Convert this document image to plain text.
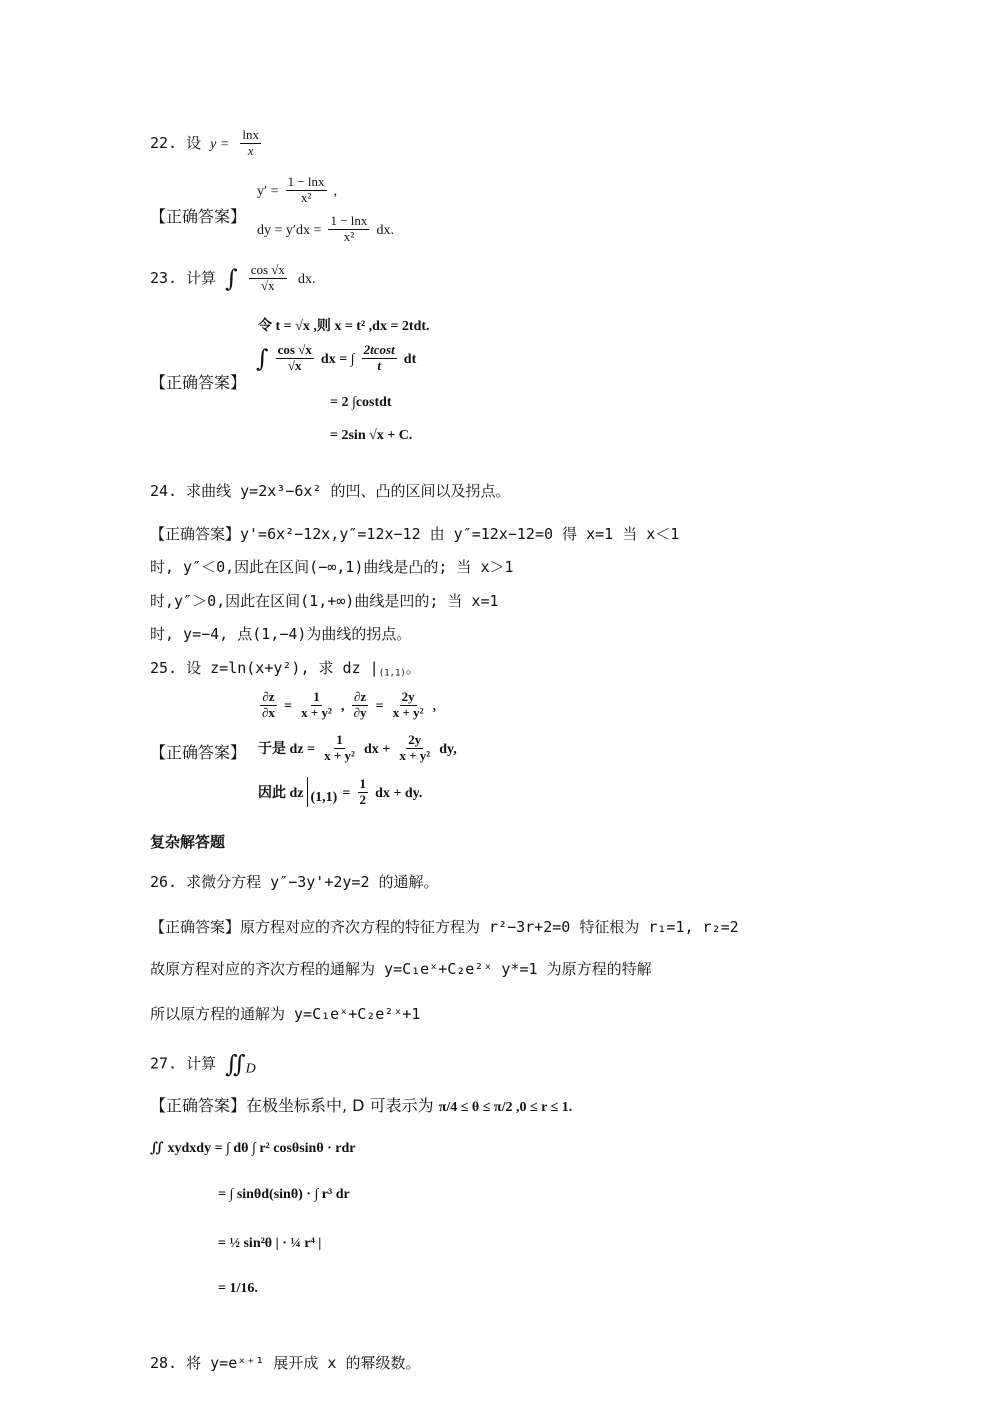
22. 设 $y = \frac{\ln x}{x}$
【正确答案】
$y' = \frac{1 - \ln x}{\text{x²}}$ ,
dy = $y'dx = \frac{1 - \ln x}{\text{x²}}$ dx.
23. 计算 ∫ $\frac{\cos √x}{√x}$ dx.
令 t = √x ,则 x = t² ,dx = 2tdt.
【正确答案】
∫ $\frac{\cos √x}{√x}$ dx = ∫ $\frac{2tcost}{t}$ dt
= 2 ∫costdt
= 2sin √x + C.
24. 求曲线 y=2x³−6x² 的凹、凸的区间以及拐点。
【正确答案】y'=6x²−12x,y″=12x−12 由 y″=12x−12=0 得 x=1 当 x＜1
时, y″＜0,因此在区间(−∞,1)曲线是凸的; 当 x＞1
时,y″＞0,因此在区间(1,+∞)曲线是凹的; 当 x=1
时, y=−4, 点(1,−4)为曲线的拐点。
25. 设 z=ln(x+y²), 求 dz $|_{(1,1)}$。
$\frac{\partial z}{\partial x} = \frac{1}{\text{x + y²}}$ , $\frac{\partial z}{\partial y} = \frac{2y}{\text{x + y²}}$ ,
【正确答案】 于是 dz = $\frac{1}{\text{x + y²}}$ dx + $\frac{2y}{\text{x + y²}}$ dy,
因此 dz $_{(1,1)} = \frac{1}{2}$ dx + dy.
复杂解答题
26. 求微分方程 y″−3y'+2y=2 的通解。
【正确答案】原方程对应的齐次方程的特征方程为 r²−3r+2=0 特征根为 r₁=1, r₂=2
故原方程对应的齐次方程的通解为 y=C₁eˣ+C₂e²ˣ y*=1 为原方程的特解
所以原方程的通解为 y=C₁eˣ+C₂e²ˣ+1
27. 计算 $∬_D$
【正确答案】在极坐标系中, D 可表示为 π/4 ≤ θ ≤ π/2 ,0 ≤ r ≤ 1.
∬ xydxdy = ∫ dθ ∫ r² cosθsinθ · rdr
= ∫ sinθd(sinθ) · ∫ r³ dr
= ½ sin²θ | · ¼ r⁴ |
= 1/16.
28. 将 y=eˣ⁺¹ 展开成 x 的幂级数。
